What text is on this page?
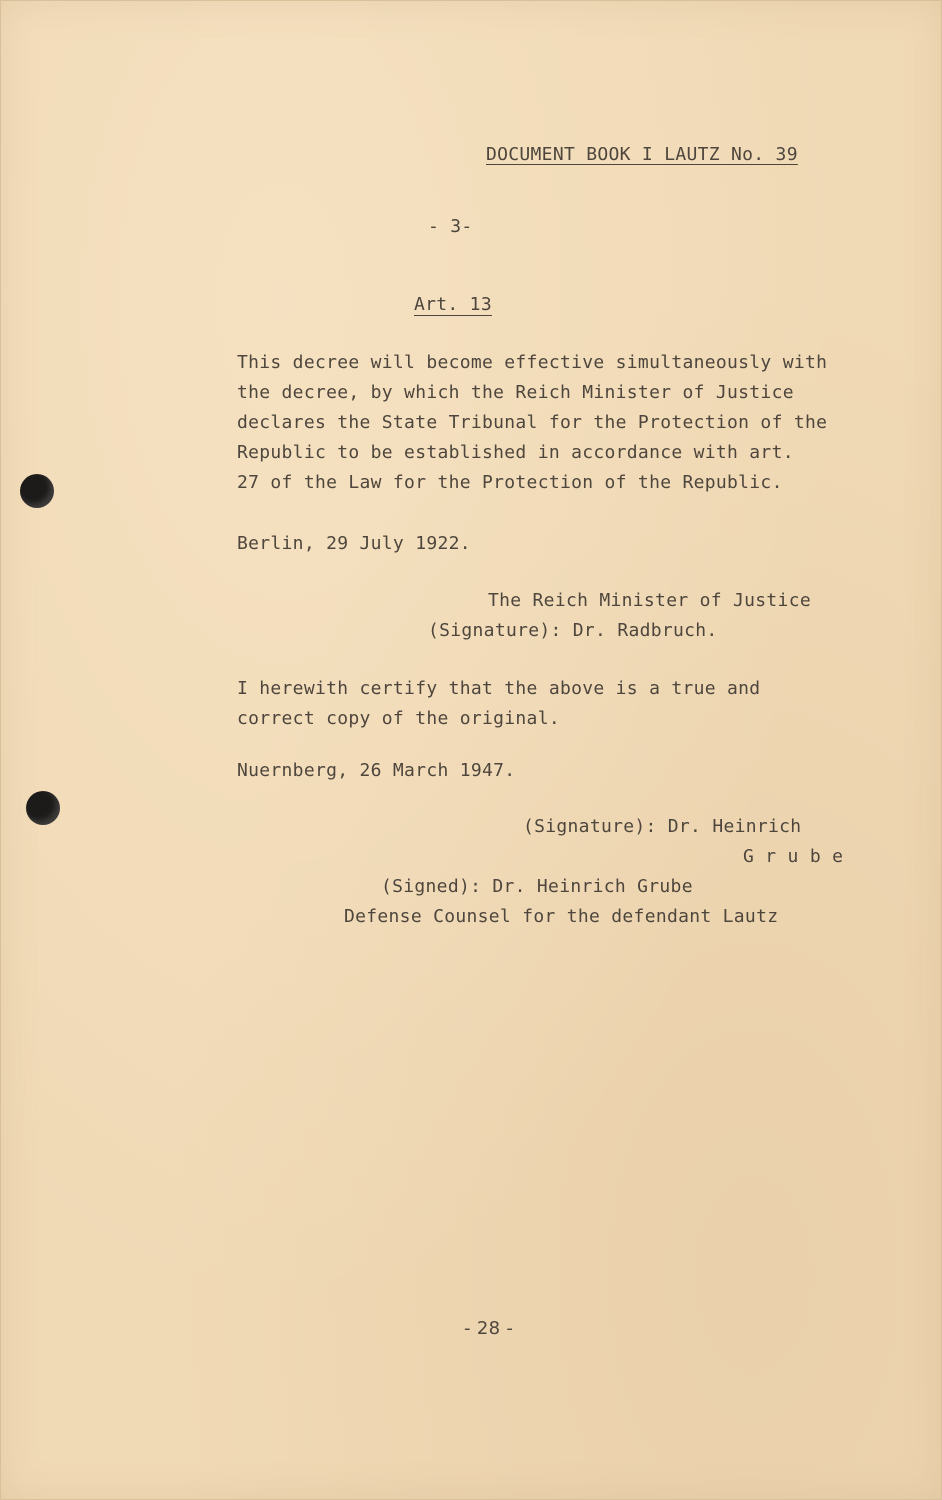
DOCUMENT BOOK I LAUTZ No. 39
- 3-
Art. 13
This decree will become effective simultaneously with
the decree, by which the Reich Minister of Justice
declares the State Tribunal for the Protection of the
Republic to be established in accordance with art.
27 of the Law for the Protection of the Republic.
Berlin, 29 July 1922.
The Reich Minister of Justice
(Signature): Dr. Radbruch.
I herewith certify that the above is a true and
correct copy of the original.
Nuernberg, 26 March 1947.
(Signature): Dr. Heinrich
G r u b e
(Signed): Dr. Heinrich Grube
Defense Counsel for the defendant Lautz
- 28 -
